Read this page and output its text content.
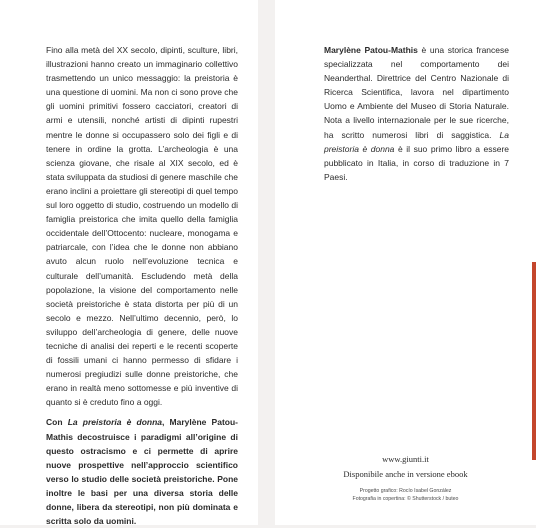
Fino alla metà del XX secolo, dipinti, sculture, libri, illustrazioni hanno creato un immaginario collettivo trasmettendo un unico messaggio: la preistoria è una questione di uomini. Ma non ci sono prove che gli uomini primitivi fossero cacciatori, creatori di armi e utensili, nonché artisti di dipinti rupestri mentre le donne si occupassero solo dei figli e di tenere in ordine la grotta. L’archeologia è una scienza giovane, che risale al XIX secolo, ed è stata sviluppata da studiosi di genere maschile che erano inclini a proiettare gli stereotipi di quel tempo sul loro oggetto di studio, costruendo un modello di famiglia preistorica che imita quello della famiglia occidentale dell’Ottocento: nucleare, monogama e patriarcale, con l’idea che le donne non abbiano avuto alcun ruolo nell’evoluzione tecnica e culturale dell’umanità. Escludendo metà della popolazione, la visione del comportamento nelle società preistoriche è stata distorta per più di un secolo e mezzo. Nell’ultimo decennio, però, lo sviluppo dell’archeologia di genere, delle nuove tecniche di analisi dei reperti e le recenti scoperte di fossili umani ci hanno permesso di sfidare i numerosi pregiudizi sulle donne preistoriche, che erano in realtà meno sottomesse e più inventive di quanto si è creduto fino a oggi.

Con La preistoria è donna, Marylène Patou-Mathis decostruisce i paradigmi all’origine di questo ostracismo e ci permette di aprire nuove prospettive nell’approccio scientifico verso lo studio delle società preistoriche. Pone inoltre le basi per una diversa storia delle donne, libera da stereotipi, non più dominata e scritta solo da uomini.

Marylène Patou-Mathis è una storica francese specializzata nel comportamento dei Neanderthal. Direttrice del Centro Nazionale di Ricerca Scientifica, lavora nel dipartimento Uomo e Ambiente del Museo di Storia Naturale. Nota a livello internazionale per le sue ricerche, ha scritto numerosi libri di saggistica. La preistoria è donna è il suo primo libro a essere pubblicato in Italia, in corso di traduzione in 7 Paesi.

www.giunti.it
Disponibile anche in versione ebook
Progetto grafico: Rocío Isabel González
Fotografia in copertina: © Shutterstock / buteo
